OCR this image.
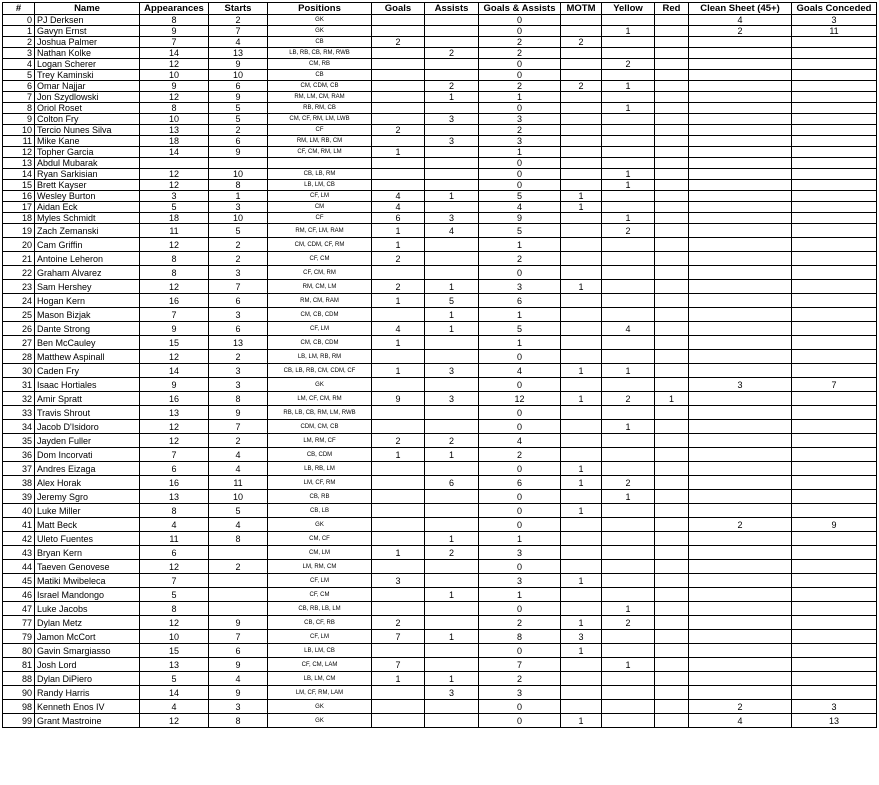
#	Name	Appearances	Starts	Positions	Goals	Assists	Goals & Assists	MOTM	Yellow	Red	Clean Sheet (45+)	Goals Conceded
0	PJ Derksen	8	2	GK			0				4	3
1	Gavyn Ernst	9	7	GK			0		1		2	11
2	Joshua Palmer	7	4	CB	2		2	2				
3	Nathan Kolke	14	13	LB, RB, CB, RM, RWB		2	2					
4	Logan Scherer	12	9	CM, RB			0		2			
5	Trey Kaminski	10	10	CB			0					
6	Omar Najjar	9	6	CM, CDM, CB		2	2	2	1			
7	Jon Szydlowski	12	9	RM, LM, CM, RAM		1	1					
8	Oriol Roset	8	5	RB, RM, CB			0		1			
9	Colton Fry	10	5	CM, CF, RM, LM, LWB		3	3					
10	Tercio Nunes Silva	13	2	CF	2		2					
11	Mike Kane	18	6	RM, LM, RB, CM		3	3					
12	Topher Garcia	14	9	CF, CM, RM, LM	1		1					
13	Abdul Mubarak						0					
14	Ryan Sarkisian	12	10	CB, LB, RM			0		1			
15	Brett Kayser	12	8	LB, LM, CB			0		1			
16	Wesley Burton	3	1	CF, LM	4	1	5	1				
17	Aidan Eck	5	3	CM	4		4	1				
18	Myles Schmidt	18	10	CF	6	3	9		1			
19	Zach Zemanski	11	5	RM, CF, LM, RAM	1	4	5		2			
20	Cam Griffin	12	2	CM, CDM, CF, RM	1		1					
21	Antoine Leheron	8	2	CF, CM	2		2					
22	Graham Alvarez	8	3	CF, CM, RM			0					
23	Sam Hershey	12	7	RM, CM, LM	2	1	3	1				
24	Hogan Kern	16	6	RM, CM, RAM	1	5	6					
25	Mason Bizjak	7	3	CM, CB, CDM		1	1					
26	Dante Strong	9	6	CF, LM	4	1	5		4			
27	Ben McCauley	15	13	CM, CB, CDM	1		1					
28	Matthew Aspinall	12	2	LB, LM, RB, RM			0					
30	Caden Fry	14	3	CB, LB, RB, CM, CDM, CF	1	3	4	1	1			
31	Isaac Hortiales	9	3	GK			0				3	7
32	Amir Spratt	16	8	LM, CF, CM, RM	9	3	12	1	2	1		
33	Travis Shrout	13	9	RB, LB, CB, RM, LM, RWB			0					
34	Jacob D'Isidoro	12	7	CDM, CM, CB			0		1			
35	Jayden Fuller	12	2	LM, RM, CF	2	2	4					
36	Dom Incorvati	7	4	CB, CDM	1	1	2					
37	Andres Eizaga	6	4	LB, RB, LM			0	1				
38	Alex Horak	16	11	LM, CF, RM		6	6	1	2			
39	Jeremy Sgro	13	10	CB, RB			0		1			
40	Luke Miller	8	5	CB, LB			0	1				
41	Matt Beck	4	4	GK			0				2	9
42	Uleto Fuentes	11	8	CM, CF		1	1					
43	Bryan Kern	6		CM, LM	1	2	3					
44	Taeven Genovese	12	2	LM, RM, CM			0					
45	Matiki Mwibeleca	7		CF, LM	3		3	1				
46	Israel Mandongo	5		CF, CM		1	1					
47	Luke Jacobs	8		CB, RB, LB, LM			0		1			
77	Dylan Metz	12	9	CB, CF, RB	2		2	1	2			
79	Jamon McCort	10	7	CF, LM	7	1	8	3				
80	Gavin Smargiasso	15	6	LB, LM, CB			0	1				
81	Josh Lord	13	9	CF, CM, LAM	7		7		1			
88	Dylan DiPiero	5	4	LB, LM, CM	1	1	2					
90	Randy Harris	14	9	LM, CF, RM, LAM		3	3					
98	Kenneth Enos IV	4	3	GK			0				2	3
99	Grant Mastroine	12	8	GK			0	1			4	13
